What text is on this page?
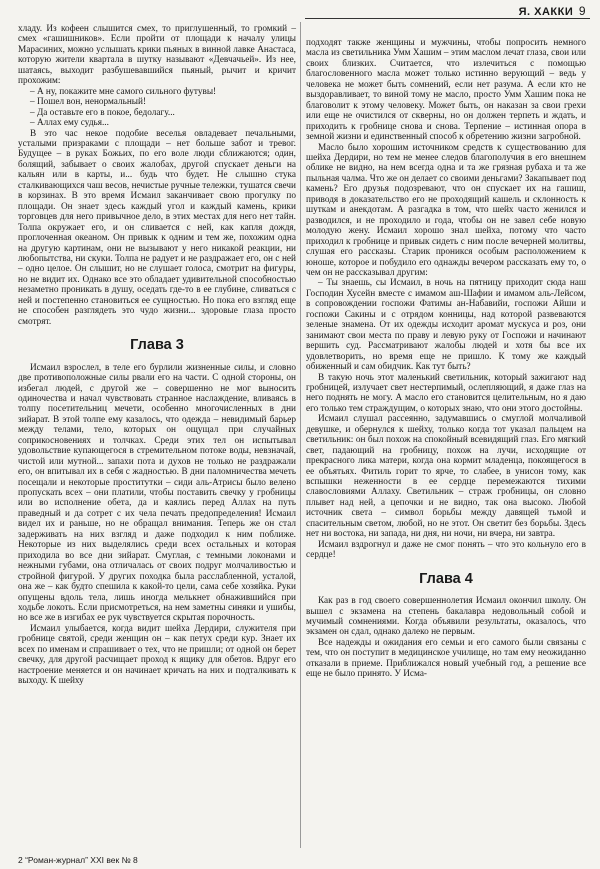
Я. ХАККИ 9

хладу. Из кофеен слышится смех, то приглушенный, то громкий – смех «гашишников». Если пройти от площади к началу улицы Марасиних, можно услышать крики пьяных в винной лавке Анастаса, которую жители квартала в шутку называют «Девчачьей». Из нее, шатаясь, выходит разбушевавшийся пьяный, рычит и кричит прохожим:

– А ну, покажите мне самого сильного футувы!

– Пошел вон, ненормальный!

– Да оставьте его в покое, бедолагу...

– Аллах ему судья...

В это час некое подобие веселья овладевает печальными, усталыми призраками с площади – нет больше забот и тревог. Будущее – в руках Божьих, по его воле люди сближаются; один, болящий, забывает о своих жалобах, другой спускает деньги на кальян или в карты, и... будь что будет. Не слышно стука сталкивающихся чаш весов, нечистые ручные тележки, тушатся свечи в корзинах. В это время Исмаил заканчивает свою прогулку по площади. Он знает здесь каждый угол и каждый камень, крики торговцев для него привычное дело, в этих местах для него нет тайн. Толпа окружает его, и он сливается с ней, как капля дождя, проглоченная океаном. Он привык к одним и тем же, похожим одна на другую картинам, они не вызывают у него никакой реакции, ни любопытства, ни скуки. Толпа не радует и не раздражает его, он с ней – одно целое. Он слышит, но не слушает голоса, смотрит на фигуры, но не видит их. Однако все это обладает удивительной способностью незаметно проникать в душу, оседать где-то в ее глубине, сливаться с ней и постепенно становиться ее сущностью. Но пока его взгляд еще не способен разглядеть это чудо жизни... здоровые глаза просто смотрят.

Глава 3

Исмаил взрослел, в теле его бурлили жизненные силы, и словно две противоположные силы рвали его на части. С одной стороны, он избегал людей, с другой же – совершенно не мог выносить одиночества и начал чувствовать странное наслаждение, вливаясь в толпу посетительниц мечети, особенно многочисленных в дни зийарат. В этой толпе ему казалось, что одежда – невидимый барьер между телами, тело, которых он ощущал при случайных соприкосновениях и толчках. Среди этих тел он испытывал удовольствие купающегося в стремительном потоке воды, невзначай, чистой или мутной... запахи пота и духов не только не раздражали его, он впитывал их в себя с жадностью. В дни паломничества мечеть посещали и некоторые проститутки – сиди аль-Атрисы было велено пропускать всех – они платили, чтобы поставить свечку у гробницы или во исполнение обета, да и каялись перед Аллах на путь праведный и да сотрет с их чела печать предопределения! Исмаил видел их и раньше, но не обращал внимания. Теперь же он стал задерживать на них взгляд и даже подходил к ним поближе. Некоторые из них выделялись среди всех остальных и которая приходила во все дни зийарат. Смуглая, с темными локонами и нежными губами, она отличалась от своих подруг молчаливостью и стройной фигурой. У других походка была расслабленной, усталой, она же – как будто спешила к какой-то цели, сама себе хозяйка. Руки опущены вдоль тела, лишь иногда мелькнет обнажившийся при ходьбе локоть. Если присмотреться, на нем заметны синяки и ушибы, но все же в изгибах ее рук чувствуется скрытая порочность.

Исмаил улыбается, когда видит шейха Дердири, служителя при гробнице святой, среди женщин он – как петух среди кур. Знает их всех по именам и спрашивает о тех, что не пришли; от одной он берет свечку, для другой расчищает проход к ящику для обетов. Вдруг его настроение меняется и он начинает кричать на них и подталкивать к выходу. К шейху

подходят также женщины и мужчины, чтобы попросить немного масла из светильника Умм Хашим – этим маслом лечат глаза, свои или своих близких. Считается, что излечиться с помощью благословенного масла может только истинно верующий – ведь у человека не может быть сомнений, если нет разума. А если кто не выздоравливает, то виной тому не масло, просто Умм Хашим пока не благоволит к этому человеку. Может быть, он наказан за свои грехи или еще не очистился от скверны, но он должен терпеть и ждать, и приходить к гробнице снова и снова. Терпение – истинная опора в земной жизни и единственный способ к обретению жизни загробной.

Масло было хорошим источником средств к существованию для шейха Дердири, но тем не менее следов благополучия в его внешнем облике не видно, на нем всегда одна и та же грязная рубаха и та же пыльная чалма. Что же он делает со своими деньгами? Закапывает под камень? Его друзья подозревают, что он спускает их на гашиш, приводя в доказательство его не проходящий кашель и склонность к шуткам и анекдотам. А разгадка в том, что шейх часто женился и разводился, и не проходило и года, чтобы он не завел себе новую молодую жену. Исмаил хорошо знал шейха, потому что часто приходил к гробнице и привык сидеть с ним после вечерней молитвы, слушая его рассказы. Старик проникся особым расположением к юноше, которое и побудило его однажды вечером рассказать ему то, о чем он не рассказывал другим:

– Ты знаешь, сы Исмаил, в ночь на пятницу приходит сюда наш Господин Хусейн вместе с имамом аш-Шафии и имамом аль-Лейсом, в сопровождении госпожи Фатимы ан-Набавийи, госпожи Айши и госпожи Сакины и с отрядом конницы, над которой развеваются зеленые знамена. От их одежды исходит аромат мускуса и роз, они занимают свои места по праву и левую руку от Госпожи и начинают вершить суд. Рассматривают жалобы людей и хотя бы все их удовлетворить, но время еще не пришло. К тому же каждый обиженный и сам обидчик. Как тут быть?

В такую ночь этот маленький светильник, который зажигают над гробницей, излучает свет нестерпимый, ослепляющий, я даже глаз на него поднять не могу. А масло его становится целительным, но я даю его только тем страждущим, о которых знаю, что они этого достойны.

Исмаил слушал рассеянно, задумавшись о смуглой молчаливой девушке, и обернулся к шейху, только когда тот указал пальцем на светильник: он был похож на спокойный всевидящий глаз. Его мягкий свет, падающий на гробницу, похож на лучи, исходящие от прекрасного лика матери, когда она кормит младенца, покоящегося в ее объятьях. Фитиль горит то ярче, то слабее, в унисон тому, как вспышки неженности в ее сердце перемежаются тихими славословиями Аллаху. Светильник – страж гробницы, он словно плывет над ней, а цепочки и не видно, так она высоко. Любой источник света – символ борьбы между давящей тьмой и спасительным светом, любой, но не этот. Он светит без борьбы. Здесь нет ни востока, ни запада, ни дня, ни ночи, ни вчера, ни завтра.

Исмаил вздрогнул и даже не смог понять – что это кольнуло его в сердце!

Глава 4

Как раз в год своего совершеннолетия Исмаил окончил школу. Он вышел с экзамена на степень бакалавра недовольный собой и мучимый сомнениями. Когда объявили результаты, оказалось, что экзамен он сдал, однако далеко не первым.

Все надежды и ожидания его семьи и его самого были связаны с тем, что он поступит в медицинское училище, но там ему неожиданно отказали в приеме. Приближался новый учебный год, а решение все еще не было принято. У Исма-

2 “Роман-журнал” XXI век № 8
